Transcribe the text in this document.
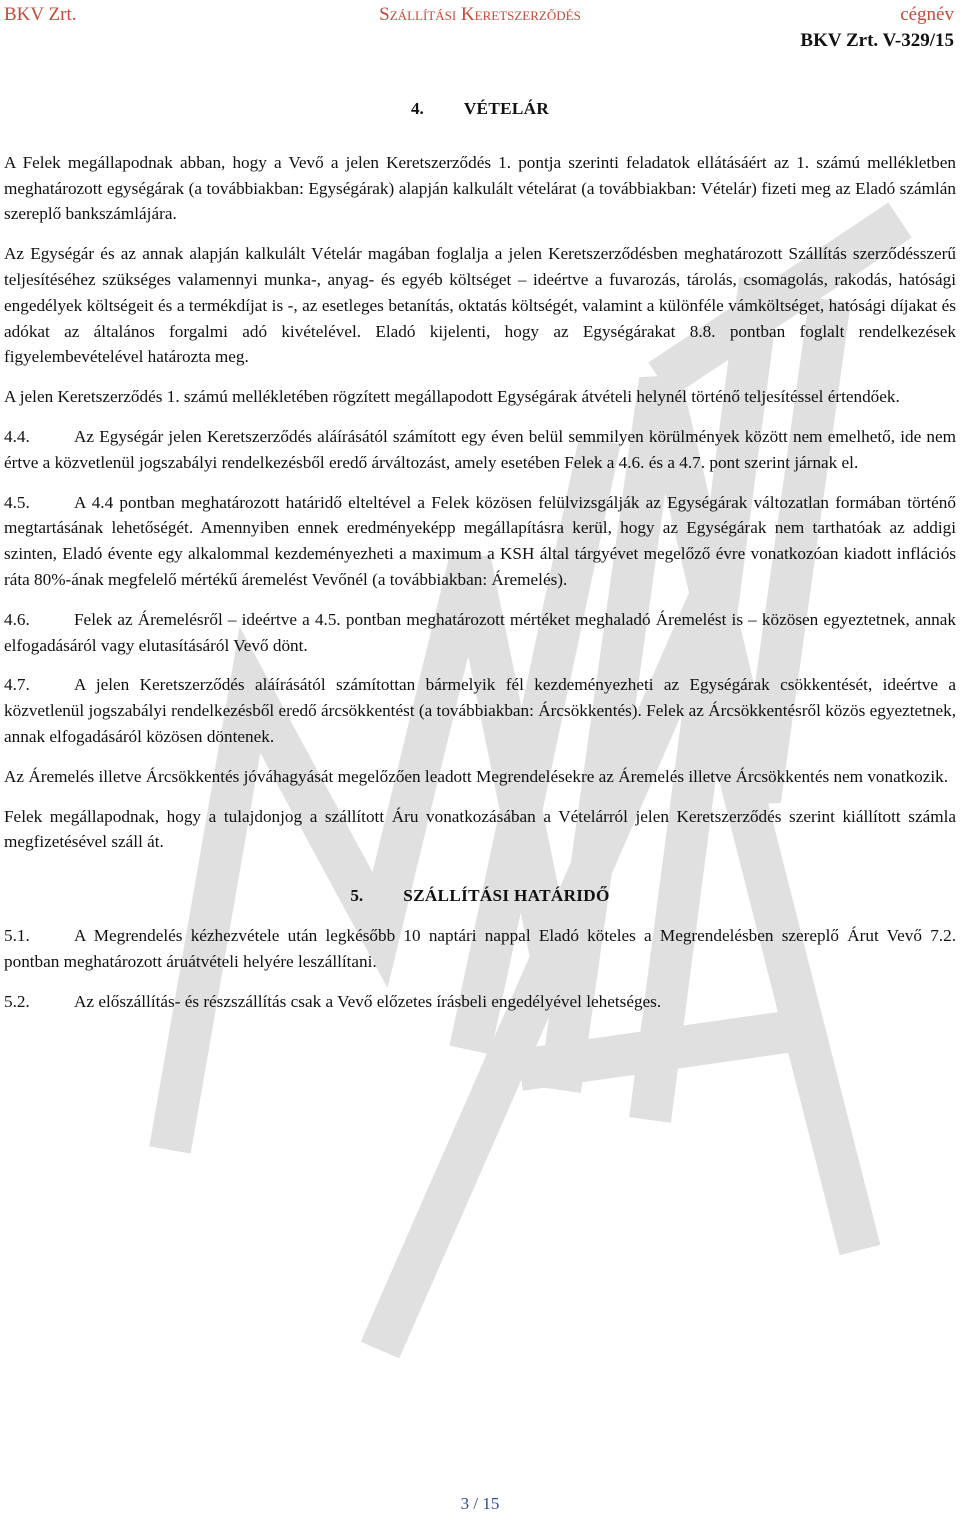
BKV Zrt.	Szállítási Keretszerződés	cégnév
BKV Zrt. V-329/15
4. VÉTELÁR

A Felek megállapodnak abban, hogy a Vevő a jelen Keretszerződés 1. pontja szerinti feladatok ellátásáért az 1. számú mellékletben meghatározott egységárak (a továbbiakban: Egységárak) alapján kalkulált vételárat (a továbbiakban: Vételár) fizeti meg az Eladó számlán szereplő bankszámlájára.

Az Egységár és az annak alapján kalkulált Vételár magában foglalja a jelen Keretszerződésben meghatározott Szállítás szerződésszerű teljesítéséhez szükséges valamennyi munka-, anyag- és egyéb költséget – ideértve a fuvarozás, tárolás, csomagolás, rakodás, hatósági engedélyek költségeit és a termékdíjat is -, az esetleges betanítás, oktatás költségét, valamint a különféle vámköltséget, hatósági díjakat és adókat az általános forgalmi adó kivételével. Eladó kijelenti, hogy az Egységárakat 8.8. pontban foglalt rendelkezések figyelembevételével határozta meg.

A jelen Keretszerződés 1. számú mellékletében rögzített megállapodott Egységárak átvételi helynél történő teljesítéssel értendőek.

4.4.	Az Egységár jelen Keretszerződés aláírásától számított egy éven belül semmilyen körülmények között nem emelhető, ide nem értve a közvetlenül jogszabályi rendelkezésből eredő árváltozást, amely esetében Felek a 4.6. és a 4.7. pont szerint járnak el.

4.5.	A 4.4 pontban meghatározott határidő elteltével a Felek közösen felülvizsgálják az Egységárak változatlan formában történő megtartásának lehetőségét. Amennyiben ennek eredményeképp megállapításra kerül, hogy az Egységárak nem tarthatóak az addigi szinten, Eladó évente egy alkalommal kezdeményezheti a maximum a KSH által tárgyévet megelőző évre vonatkozóan kiadott inflációs ráta 80%-ának megfelelő mértékű áremelést Vevőnél (a továbbiakban: Áremelés).

4.6.	Felek az Áremelésről – ideértve a 4.5. pontban meghatározott mértéket meghaladó Áremelést is – közösen egyeztetnek, annak elfogadásáról vagy elutasításáról Vevő dönt.

4.7.	A jelen Keretszerződés aláírásától számítottan bármelyik fél kezdeményezheti az Egységárak csökkentését, ideértve a közvetlenül jogszabályi rendelkezésből eredő árcsökkentést (a továbbiakban: Árcsökkentés). Felek az Árcsökkentésről közös egyeztetnek, annak elfogadásáról közösen döntenek.

Az Áremelés illetve Árcsökkentés jóváhagyását megelőzően leadott Megrendelésekre az Áremelés illetve Árcsökkentés nem vonatkozik.

Felek megállapodnak, hogy a tulajdonjog a szállított Áru vonatkozásában a Vételárról jelen Keretszerződés szerint kiállított számla megfizetésével száll át.

5. SZÁLLÍTÁSI HATÁRIDŐ

5.1.	A Megrendelés kézhezvétele után legkésőbb 10 naptári nappal Eladó köteles a Megrendelésben szereplő Árut Vevő 7.2. pontban meghatározott áruátvételi helyére leszállítani.

5.2.	Az előszállítás- és részszállítás csak a Vevő előzetes írásbeli engedélyével lehetséges.

3 / 15
